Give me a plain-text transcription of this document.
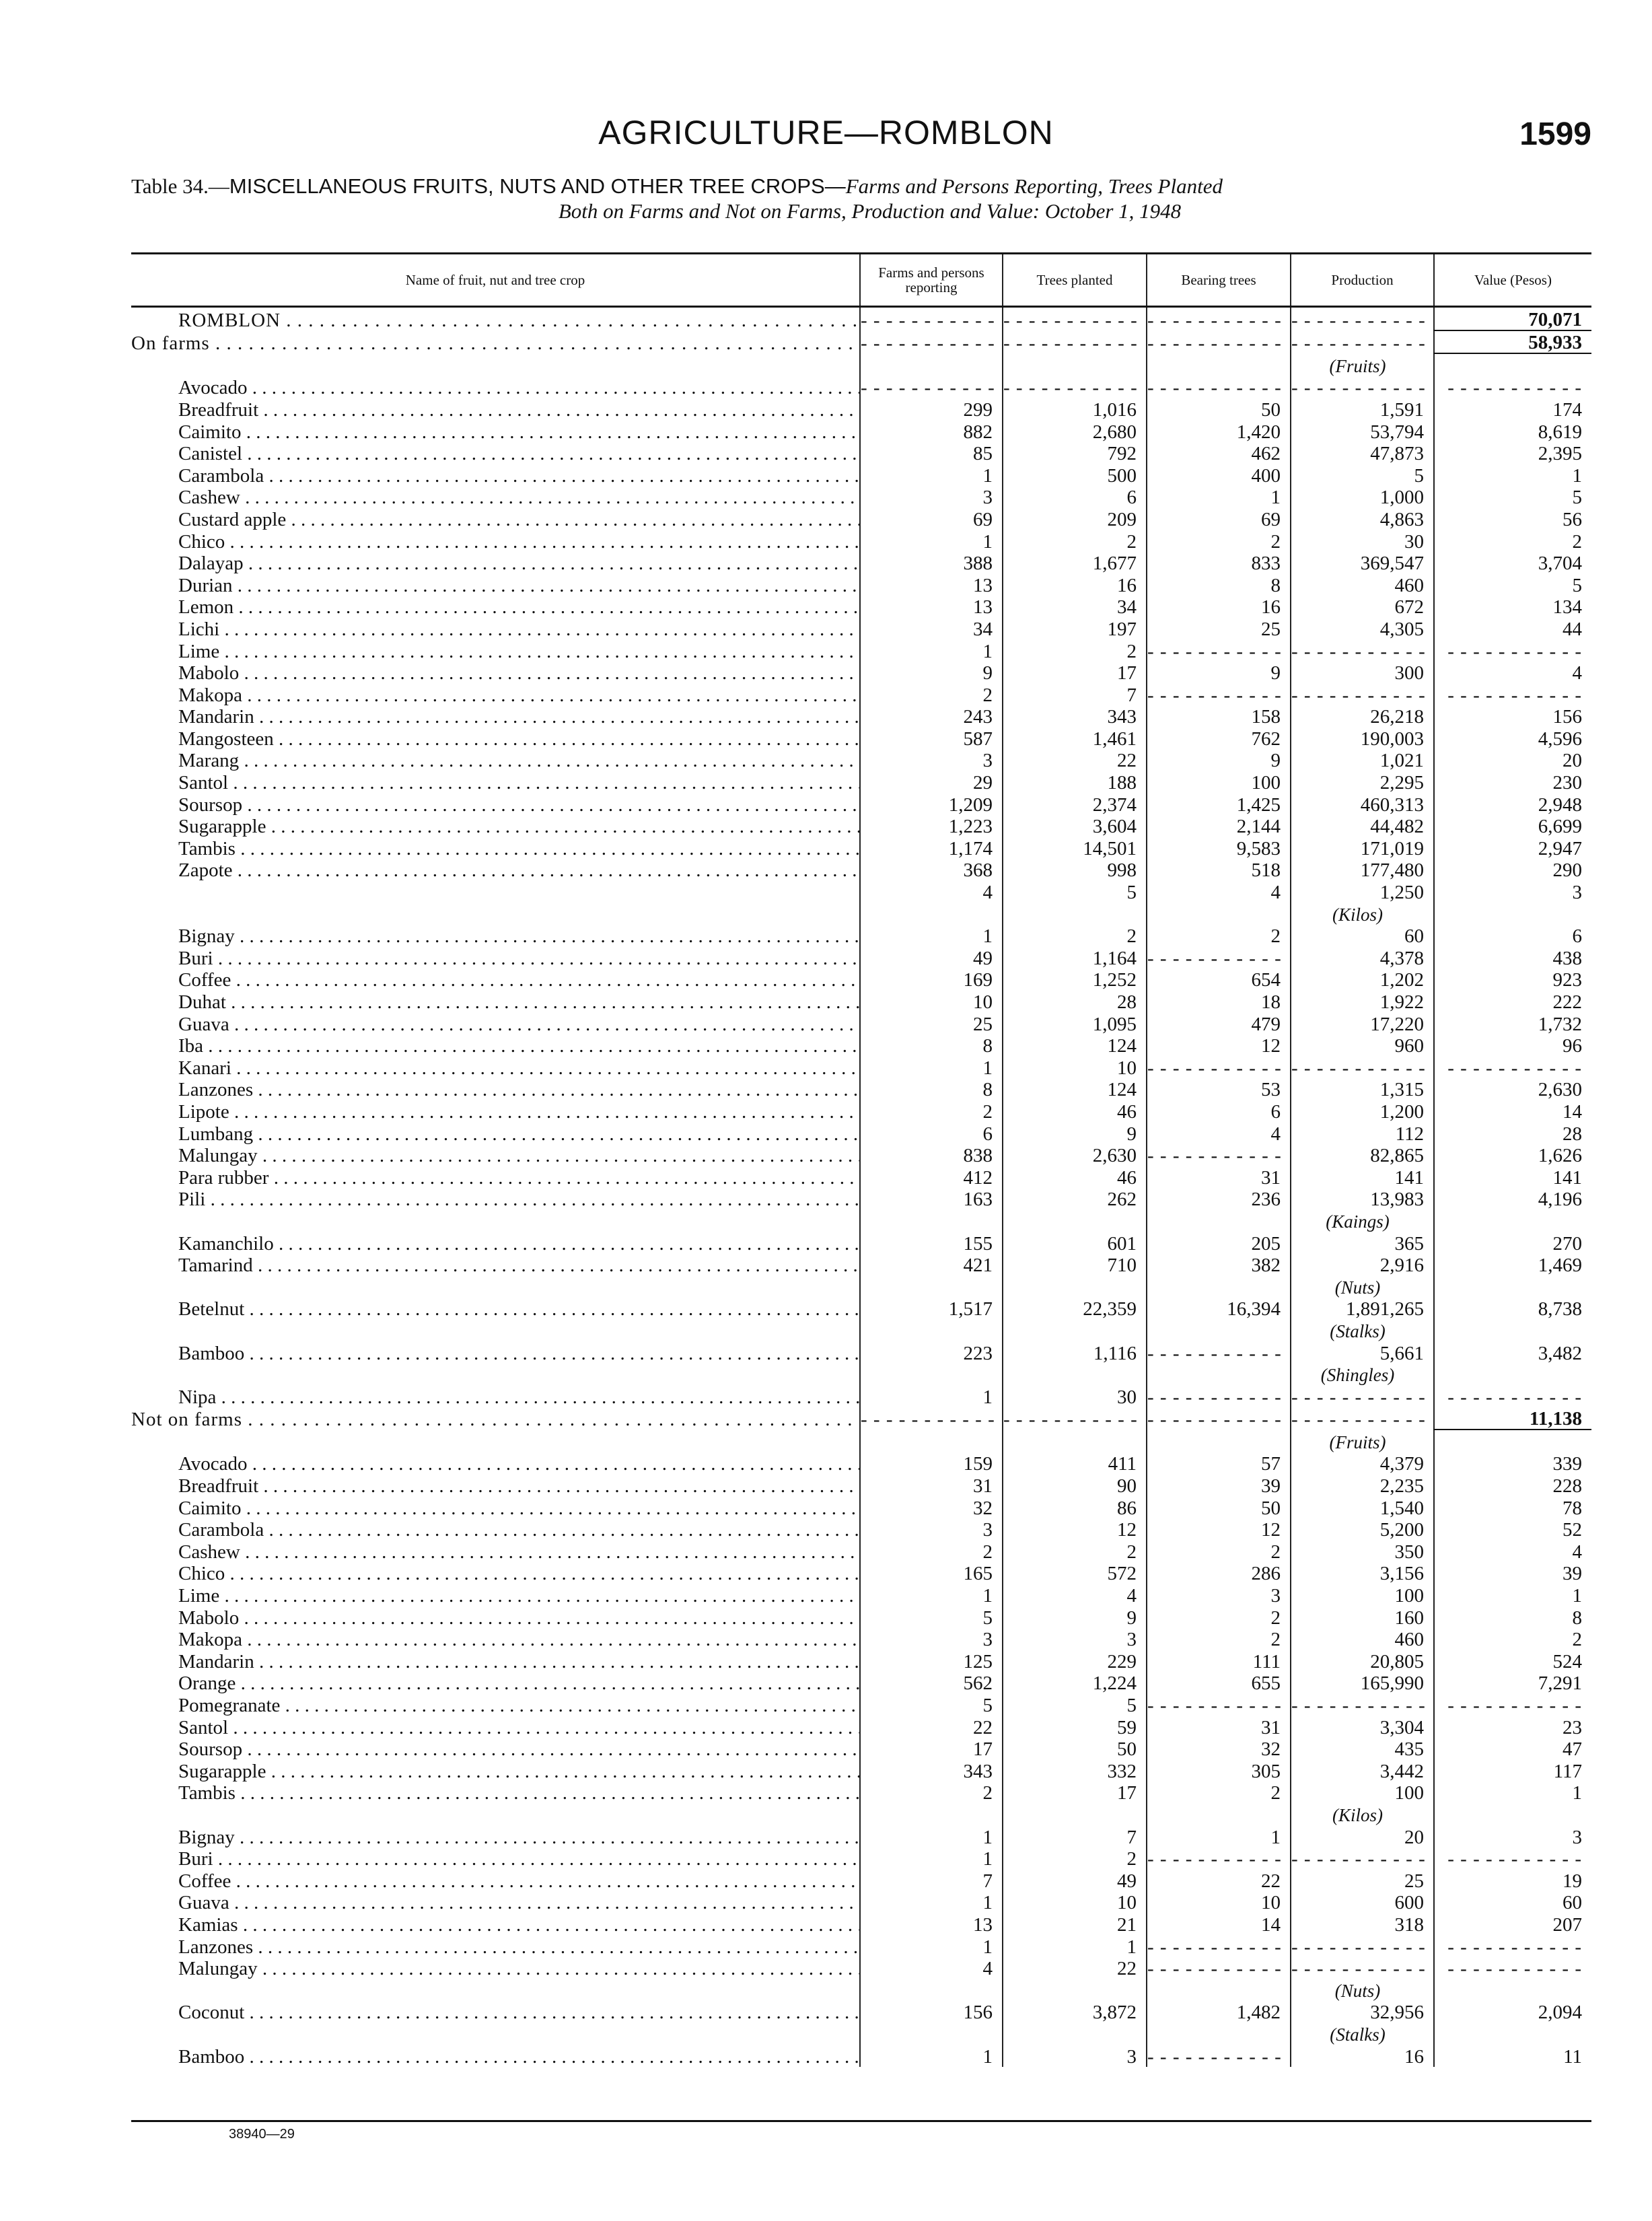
AGRICULTURE—ROMBLON	1599
Table 34.—MISCELLANEOUS FRUITS, NUTS AND OTHER TREE CROPS—Farms and Persons Reporting, Trees Planted
Both on Farms and Not on Farms, Production and Value: October 1, 1948
Name of fruit, nut and tree crop	Farms and persons reporting	Trees planted	Bearing trees	Production	Value (Pesos)
ROMBLON . . .	- - -	- - -	- - -	- - -	70,071
On farms . . .	- - -	- - -	- - -	- - -	58,933
				(Fruits)	
Avocado . . .	- - -	- - -	- - -	- - -	- - -
Breadfruit . . .	299	1,016	50	1,591	174
Caimito . . .	882	2,680	1,420	53,794	8,619
Canistel . . .	85	792	462	47,873	2,395
Carambola . . .	1	500	400	5	1
Cashew . . .	3	6	1	1,000	5
Custard apple . . .	69	209	69	4,863	56
Chico . . .	1	2	2	30	2
Dalayap . . .	388	1,677	833	369,547	3,704
Durian . . .	13	16	8	460	5
Lemon . . .	13	34	16	672	134
Lichi . . .	34	197	25	4,305	44
Lime . . .	1	2	- - -	- - -	- - -
Mabolo . . .	9	17	9	300	4
Makopa . . .	2	7	- - -	- - -	- - -
Mandarin . . .	243	343	158	26,218	156
Mangosteen . . .	587	1,461	762	190,003	4,596
Marang . . .	3	22	9	1,021	20
Santol . . .	29	188	100	2,295	230
Soursop . . .	1,209	2,374	1,425	460,313	2,948
Sugarapple . . .	1,223	3,604	2,144	44,482	6,699
Tambis . . .	1,174	14,501	9,583	171,019	2,947
Zapote . . .	368	998	518	177,480	290
	4	5	4	1,250	3
				(Kilos)	
Bignay . . .	1	2	2	60	6
Buri . . .	49	1,164	- - -	4,378	438
Coffee . . .	169	1,252	654	1,202	923
Duhat . . .	10	28	18	1,922	222
Guava . . .	25	1,095	479	17,220	1,732
Iba . . .	8	124	12	960	96
Kanari . . .	1	10	- - -	- - -	- - -
Lanzones . . .	8	124	53	1,315	2,630
Lipote . . .	2	46	6	1,200	14
Lumbang . . .	6	9	4	112	28
Malungay . . .	838	2,630	- - -	82,865	1,626
Para rubber . . .	412	46	31	141	141
Pili . . .	163	262	236	13,983	4,196
				(Kaings)	
Kamanchilo . . .	155	601	205	365	270
Tamarind . . .	421	710	382	2,916	1,469
				(Nuts)	
Betelnut . . .	1,517	22,359	16,394	1,891,265	8,738
				(Stalks)	
Bamboo . . .	223	1,116	- - -	5,661	3,482
				(Shingles)	
Nipa . . .	1	30	- - -	- - -	- - -
Not on farms . . .	- - -	- - -	- - -	- - -	11,138
				(Fruits)	
Avocado . . .	159	411	57	4,379	339
Breadfruit . . .	31	90	39	2,235	228
Caimito . . .	32	86	50	1,540	78
Carambola . . .	3	12	12	5,200	52
Cashew . . .	2	2	2	350	4
Chico . . .	165	572	286	3,156	39
Lime . . .	1	4	3	100	1
Mabolo . . .	5	9	2	160	8
Makopa . . .	3	3	2	460	2
Mandarin . . .	125	229	111	20,805	524
Orange . . .	562	1,224	655	165,990	7,291
Pomegranate . . .	5	5	- - -	- - -	- - -
Santol . . .	22	59	31	3,304	23
Soursop . . .	17	50	32	435	47
Sugarapple . . .	343	332	305	3,442	117
Tambis . . .	2	17	2	100	1
				(Kilos)	
Bignay . . .	1	7	1	20	3
Buri . . .	1	2	- - -	- - -	- - -
Coffee . . .	7	49	22	25	19
Guava . . .	1	10	10	600	60
Kamias . . .	13	21	14	318	207
Lanzones . . .	1	1	- - -	- - -	- - -
Malungay . . .	4	22	- - -	- - -	- - -
				(Nuts)	
Coconut . . .	156	3,872	1,482	32,956	2,094
				(Stalks)	
Bamboo . . .	1	3	- - -	16	11
38940—29
